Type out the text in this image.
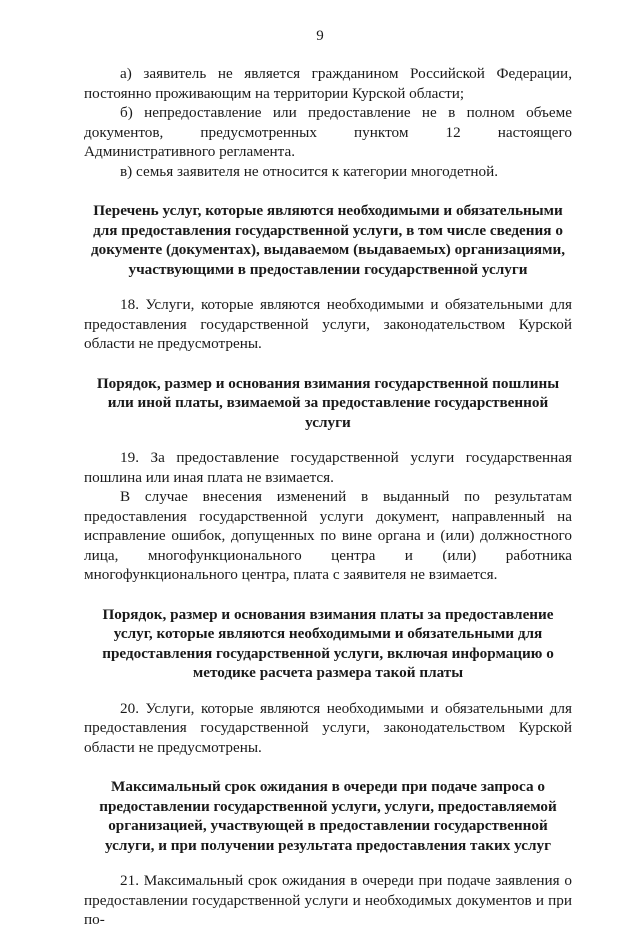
9

а) заявитель не является гражданином Российской Федерации, постоянно проживающим на территории Курской области;

б) непредоставление или предоставление не в полном объеме документов, предусмотренных пунктом 12 настоящего Административного регламента.

в) семья заявителя не относится к категории многодетной.

Перечень услуг, которые являются необходимыми и обязательными для предоставления государственной услуги, в том числе сведения о документе (документах), выдаваемом (выдаваемых) организациями, участвующими в предоставлении государственной услуги

18. Услуги, которые являются необходимыми и обязательными для предоставления государственной услуги, законодательством Курской области не предусмотрены.

Порядок, размер и основания взимания государственной пошлины или иной платы, взимаемой за предоставление государственной услуги

19. За предоставление государственной услуги государственная пошлина или иная плата не взимается.

В случае внесения изменений в выданный по результатам предоставления государственной услуги документ, направленный на исправление ошибок, допущенных по вине органа и (или) должностного лица, многофункционального центра и (или) работника многофункционального центра, плата с заявителя не взимается.

Порядок, размер и основания взимания платы за предоставление услуг, которые являются необходимыми и обязательными для предоставления государственной услуги, включая информацию о методике расчета размера такой платы

20. Услуги, которые являются необходимыми и обязательными для предоставления государственной услуги, законодательством Курской области не предусмотрены.

Максимальный срок ожидания в очереди при подаче запроса о предоставлении государственной услуги, услуги, предоставляемой организацией, участвующей в предоставлении государственной услуги, и при получении результата предоставления таких услуг

21. Максимальный срок ожидания в очереди при подаче заявления о предоставлении государственной услуги и необходимых документов и при по-
